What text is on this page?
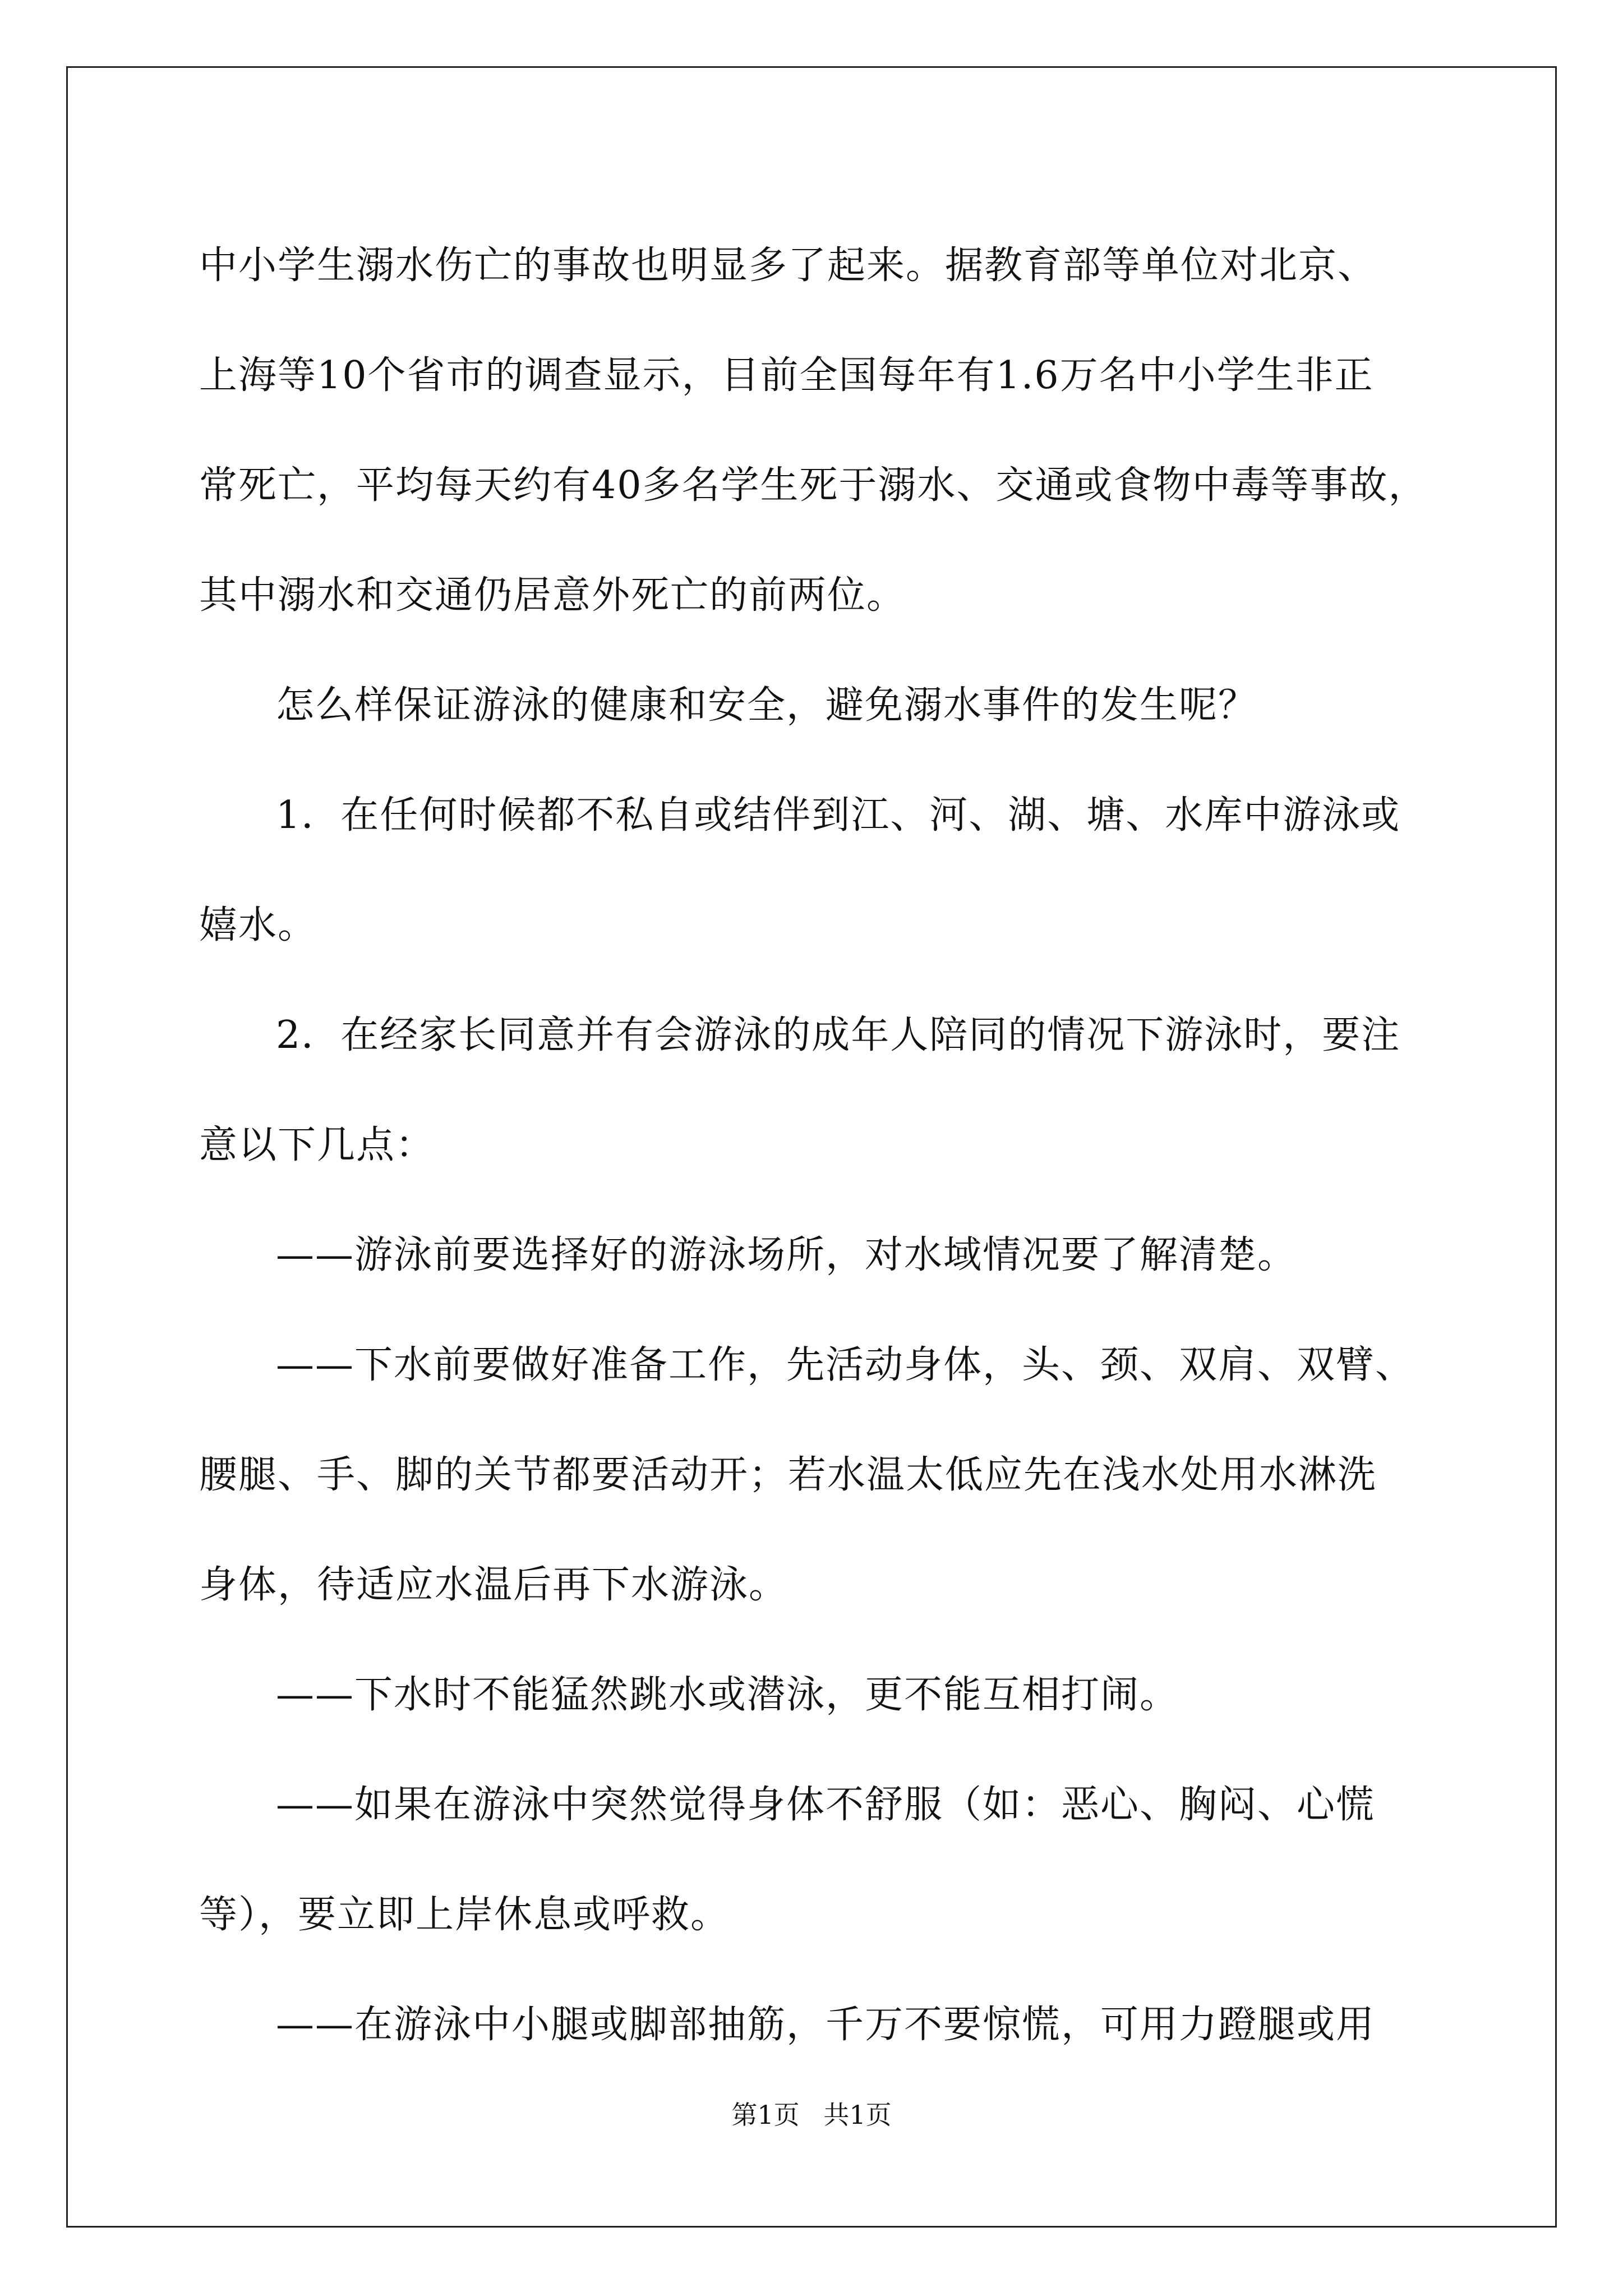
中小学生溺水伤亡的事故也明显多了起来。据教育部等单位对北京、

上海等10个省市的调查显示，目前全国每年有1.6万名中小学生非正

常死亡，平均每天约有40多名学生死于溺水、交通或食物中毒等事故，

其中溺水和交通仍居意外死亡的前两位。

怎么样保证游泳的健康和安全，避免溺水事件的发生呢？

1．在任何时候都不私自或结伴到江、河、湖、塘、水库中游泳或

嬉水。

2．在经家长同意并有会游泳的成年人陪同的情况下游泳时，要注

意以下几点：

——游泳前要选择好的游泳场所，对水域情况要了解清楚。

——下水前要做好准备工作，先活动身体，头、颈、双肩、双臂、

腰腿、手、脚的关节都要活动开；若水温太低应先在浅水处用水淋洗

身体，待适应水温后再下水游泳。

——下水时不能猛然跳水或潜泳，更不能互相打闹。

——如果在游泳中突然觉得身体不舒服（如：恶心、胸闷、心慌

等），要立即上岸休息或呼救。

——在游泳中小腿或脚部抽筋，千万不要惊慌，可用力蹬腿或用

第1页 共1页
